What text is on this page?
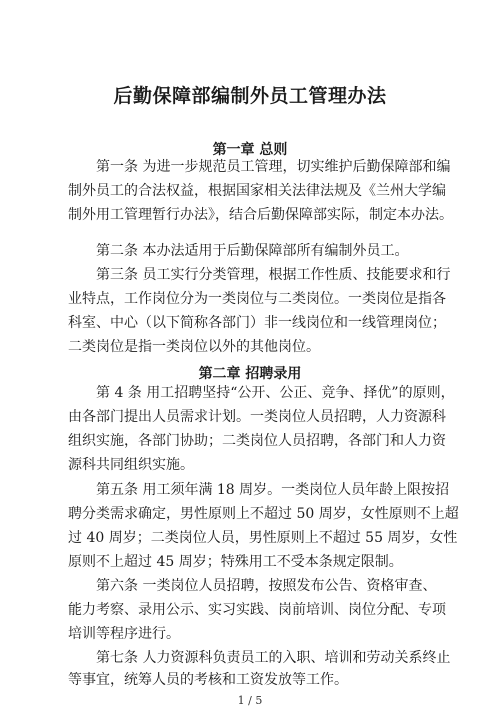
后勤保障部编制外员工管理办法
第一章 总则
第一条 为进一步规范员工管理，切实维护后勤保障部和编
制外员工的合法权益，根据国家相关法律法规及《兰州大学编
制外用工管理暂行办法》，结合后勤保障部实际，制定本办法。
第二条 本办法适用于后勤保障部所有编制外员工。
第三条 员工实行分类管理，根据工作性质、技能要求和行
业特点，工作岗位分为一类岗位与二类岗位。一类岗位是指各
科室、中心（以下简称各部门）非一线岗位和一线管理岗位；
二类岗位是指一类岗位以外的其他岗位。
第二章 招聘录用
第 4 条 用工招聘坚持“公开、公正、竞争、择优”的原则，
由各部门提出人员需求计划。一类岗位人员招聘，人力资源科
组织实施，各部门协助；二类岗位人员招聘，各部门和人力资
源科共同组织实施。
第五条 用工须年满 18 周岁。一类岗位人员年龄上限按招
聘分类需求确定，男性原则上不超过 50 周岁，女性原则不上超
过 40 周岁；二类岗位人员，男性原则上不超过 55 周岁，女性
原则不上超过 45 周岁；特殊用工不受本条规定限制。
第六条 一类岗位人员招聘，按照发布公告、资格审查、
能力考察、录用公示、实习实践、岗前培训、岗位分配、专项
培训等程序进行。
第七条 人力资源科负责员工的入职、培训和劳动关系终止
等事宜，统筹人员的考核和工资发放等工作。
1 / 5
